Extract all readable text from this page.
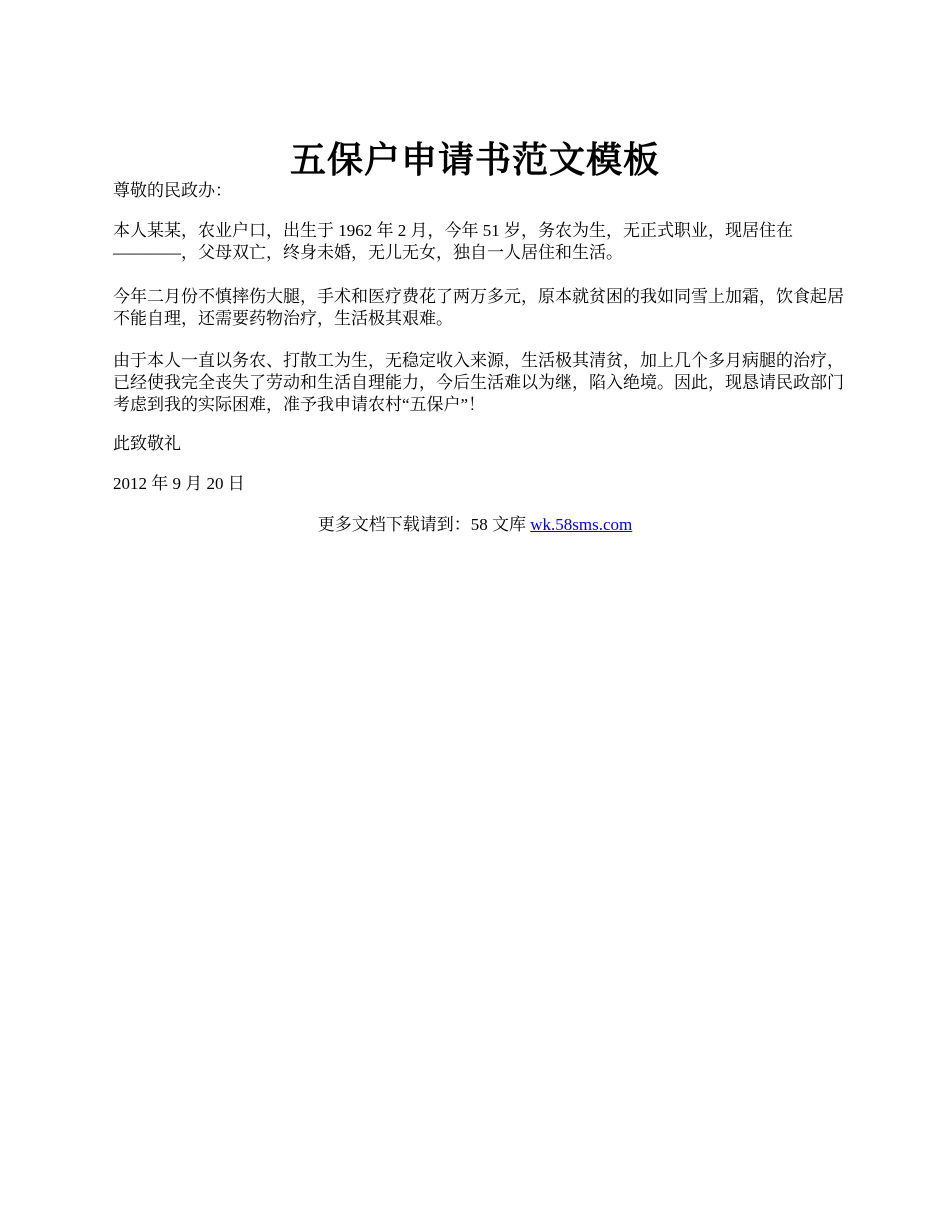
五保户申请书范文模板

尊敬的民政办：

本人某某，农业户口，出生于 1962 年 2 月，今年 51 岁，务农为生，无正式职业，现居住在————，父母双亡，终身未婚，无儿无女，独自一人居住和生活。

今年二月份不慎摔伤大腿，手术和医疗费花了两万多元，原本就贫困的我如同雪上加霜，饮食起居不能自理，还需要药物治疗，生活极其艰难。

由于本人一直以务农、打散工为生，无稳定收入来源，生活极其清贫，加上几个多月病腿的治疗，已经使我完全丧失了劳动和生活自理能力，今后生活难以为继，陷入绝境。因此，现恳请民政部门考虑到我的实际困难，准予我申请农村“五保户”！

此致敬礼

2012 年 9 月 20 日

更多文档下载请到：58 文库 wk.58sms.com
